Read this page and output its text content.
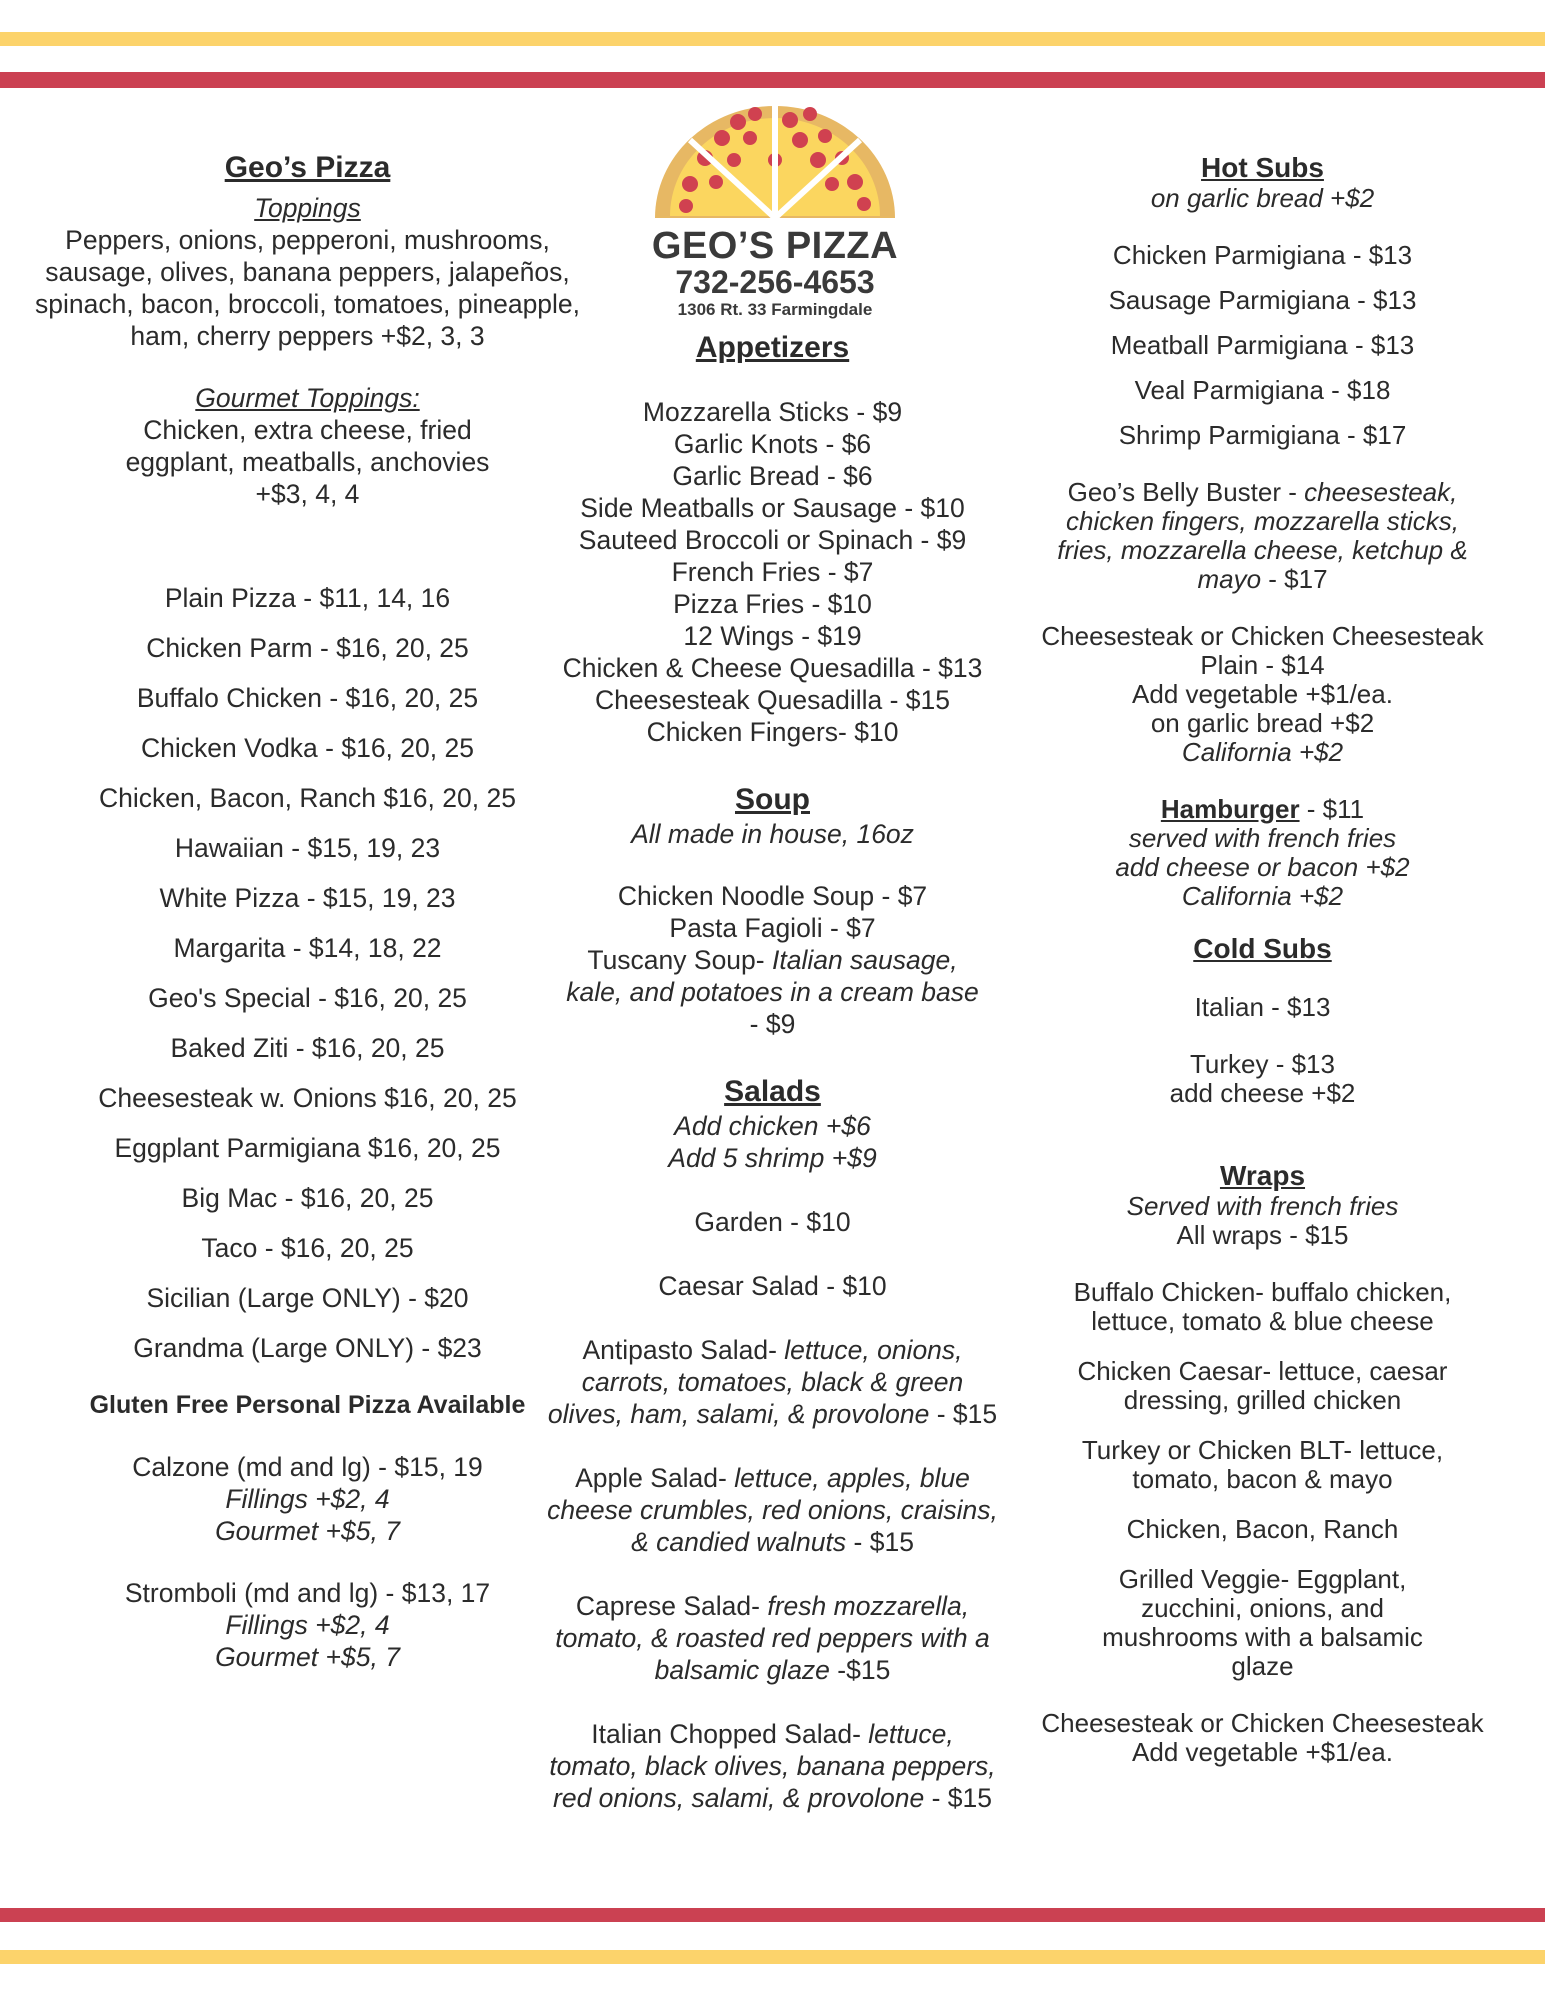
Geo’s Pizza

Toppings

Peppers, onions, pepperoni, mushrooms, sausage, olives, banana peppers, jalapeños, spinach, bacon, broccoli, tomatoes, pineapple, ham, cherry peppers +$2, 3, 3

Gourmet Toppings:

Chicken, extra cheese, fried eggplant, meatballs, anchovies +$3, 4, 4

Plain Pizza - $11, 14, 16

Chicken Parm - $16, 20, 25

Buffalo Chicken - $16, 20, 25

Chicken Vodka - $16, 20, 25

Chicken, Bacon, Ranch $16, 20, 25

Hawaiian - $15, 19, 23

White Pizza - $15, 19, 23

Margarita - $14, 18, 22

Geo's Special - $16, 20, 25

Baked Ziti - $16, 20, 25

Cheesesteak w. Onions $16, 20, 25

Eggplant Parmigiana $16, 20, 25

Big Mac - $16, 20, 25

Taco - $16, 20, 25

Sicilian (Large ONLY) - $20

Grandma (Large ONLY) - $23

Gluten Free Personal Pizza Available

Calzone (md and lg) - $15, 19

Fillings +$2, 4

Gourmet +$5, 7

Stromboli (md and lg) - $13, 17

Fillings +$2, 4

Gourmet +$5, 7

GEO’S PIZZA
732-256-4653
1306 Rt. 33 Farmingdale

Appetizers

Mozzarella Sticks - $9

Garlic Knots - $6

Garlic Bread - $6

Side Meatballs or Sausage - $10

Sauteed Broccoli or Spinach - $9

French Fries - $7

Pizza Fries - $10

12 Wings - $19

Chicken & Cheese Quesadilla - $13

Cheesesteak Quesadilla - $15

Chicken Fingers- $10

Soup

All made in house, 16oz

Chicken Noodle Soup - $7

Pasta Fagioli - $7

Tuscany Soup- Italian sausage, kale, and potatoes in a cream base - $9

Salads

Add chicken +$6

Add 5 shrimp +$9

Garden - $10

Caesar Salad - $10

Antipasto Salad- lettuce, onions, carrots, tomatoes, black & green olives, ham, salami, & provolone - $15

Apple Salad- lettuce, apples, blue cheese crumbles, red onions, craisins, & candied walnuts - $15

Caprese Salad- fresh mozzarella, tomato, & roasted red peppers with a balsamic glaze -$15

Italian Chopped Salad- lettuce, tomato, black olives, banana peppers, red onions, salami, & provolone - $15

Hot Subs

on garlic bread +$2

Chicken Parmigiana - $13

Sausage Parmigiana - $13

Meatball Parmigiana - $13

Veal Parmigiana - $18

Shrimp Parmigiana - $17

Geo’s Belly Buster - cheesesteak, chicken fingers, mozzarella sticks, fries, mozzarella cheese, ketchup & mayo - $17

Cheesesteak or Chicken Cheesesteak

Plain - $14

Add vegetable +$1/ea.

on garlic bread +$2

California +$2

Hamburger - $11

served with french fries

add cheese or bacon +$2

California +$2

Cold Subs

Italian - $13

Turkey - $13

add cheese +$2

Wraps

Served with french fries

All wraps - $15

Buffalo Chicken- buffalo chicken, lettuce, tomato & blue cheese

Chicken Caesar- lettuce, caesar dressing, grilled chicken

Turkey or Chicken BLT- lettuce, tomato, bacon & mayo

Chicken, Bacon, Ranch

Grilled Veggie- Eggplant, zucchini, onions, and mushrooms with a balsamic glaze

Cheesesteak or Chicken Cheesesteak

Add vegetable +$1/ea.
